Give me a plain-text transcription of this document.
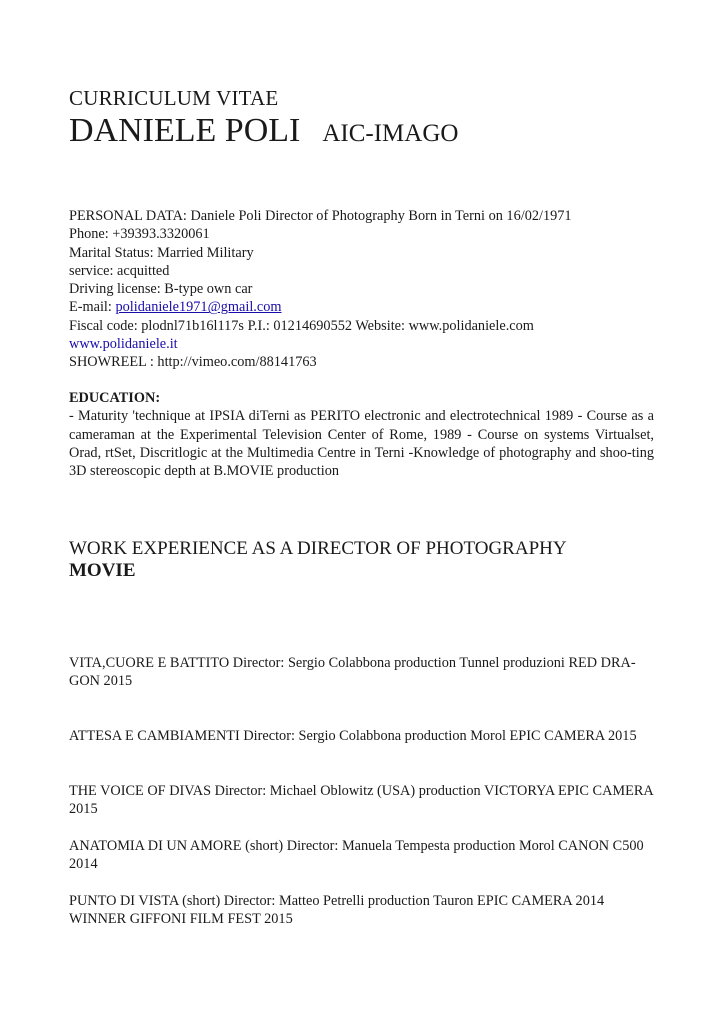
CURRICULUM VITAE
DANIELE POLI AIC-IMAGO
PERSONAL DATA: Daniele Poli Director of Photography Born in Terni on 16/02/1971
Phone: +39393.3320061
Marital Status: Married Military
service: acquitted
Driving license: B-type own car
E-mail: polidaniele1971@gmail.com
Fiscal code: plodnl71b16l117s P.I.: 01214690552 Website: www.polidaniele.com
www.polidaniele.it
SHOWREEL : http://vimeo.com/88141763
EDUCATION:
- Maturity 'technique at IPSIA diTerni as PERITO electronic and electrotechnical 1989 - Course as a cameraman at the Experimental Television Center of Rome, 1989 - Course on systems Virtualset, Orad, rtSet, Discritlogic at the Multimedia Centre in Terni -Knowledge of photography and shoo-ting 3D stereoscopic depth at B.MOVIE production
WORK EXPERIENCE AS A DIRECTOR OF PHOTOGRAPHY
MOVIE
VITA,CUORE E BATTITO Director: Sergio Colabbona production Tunnel produzioni RED DRA-GON 2015
ATTESA E CAMBIAMENTI Director: Sergio Colabbona production Morol EPIC CAMERA 2015
THE VOICE OF DIVAS Director: Michael Oblowitz (USA) production VICTORYA EPIC CAMERA 2015
ANATOMIA DI UN AMORE (short) Director: Manuela Tempesta production Morol CANON C500 2014
PUNTO DI VISTA (short) Director: Matteo Petrelli production Tauron EPIC CAMERA 2014 WINNER GIFFONI FILM FEST 2015
